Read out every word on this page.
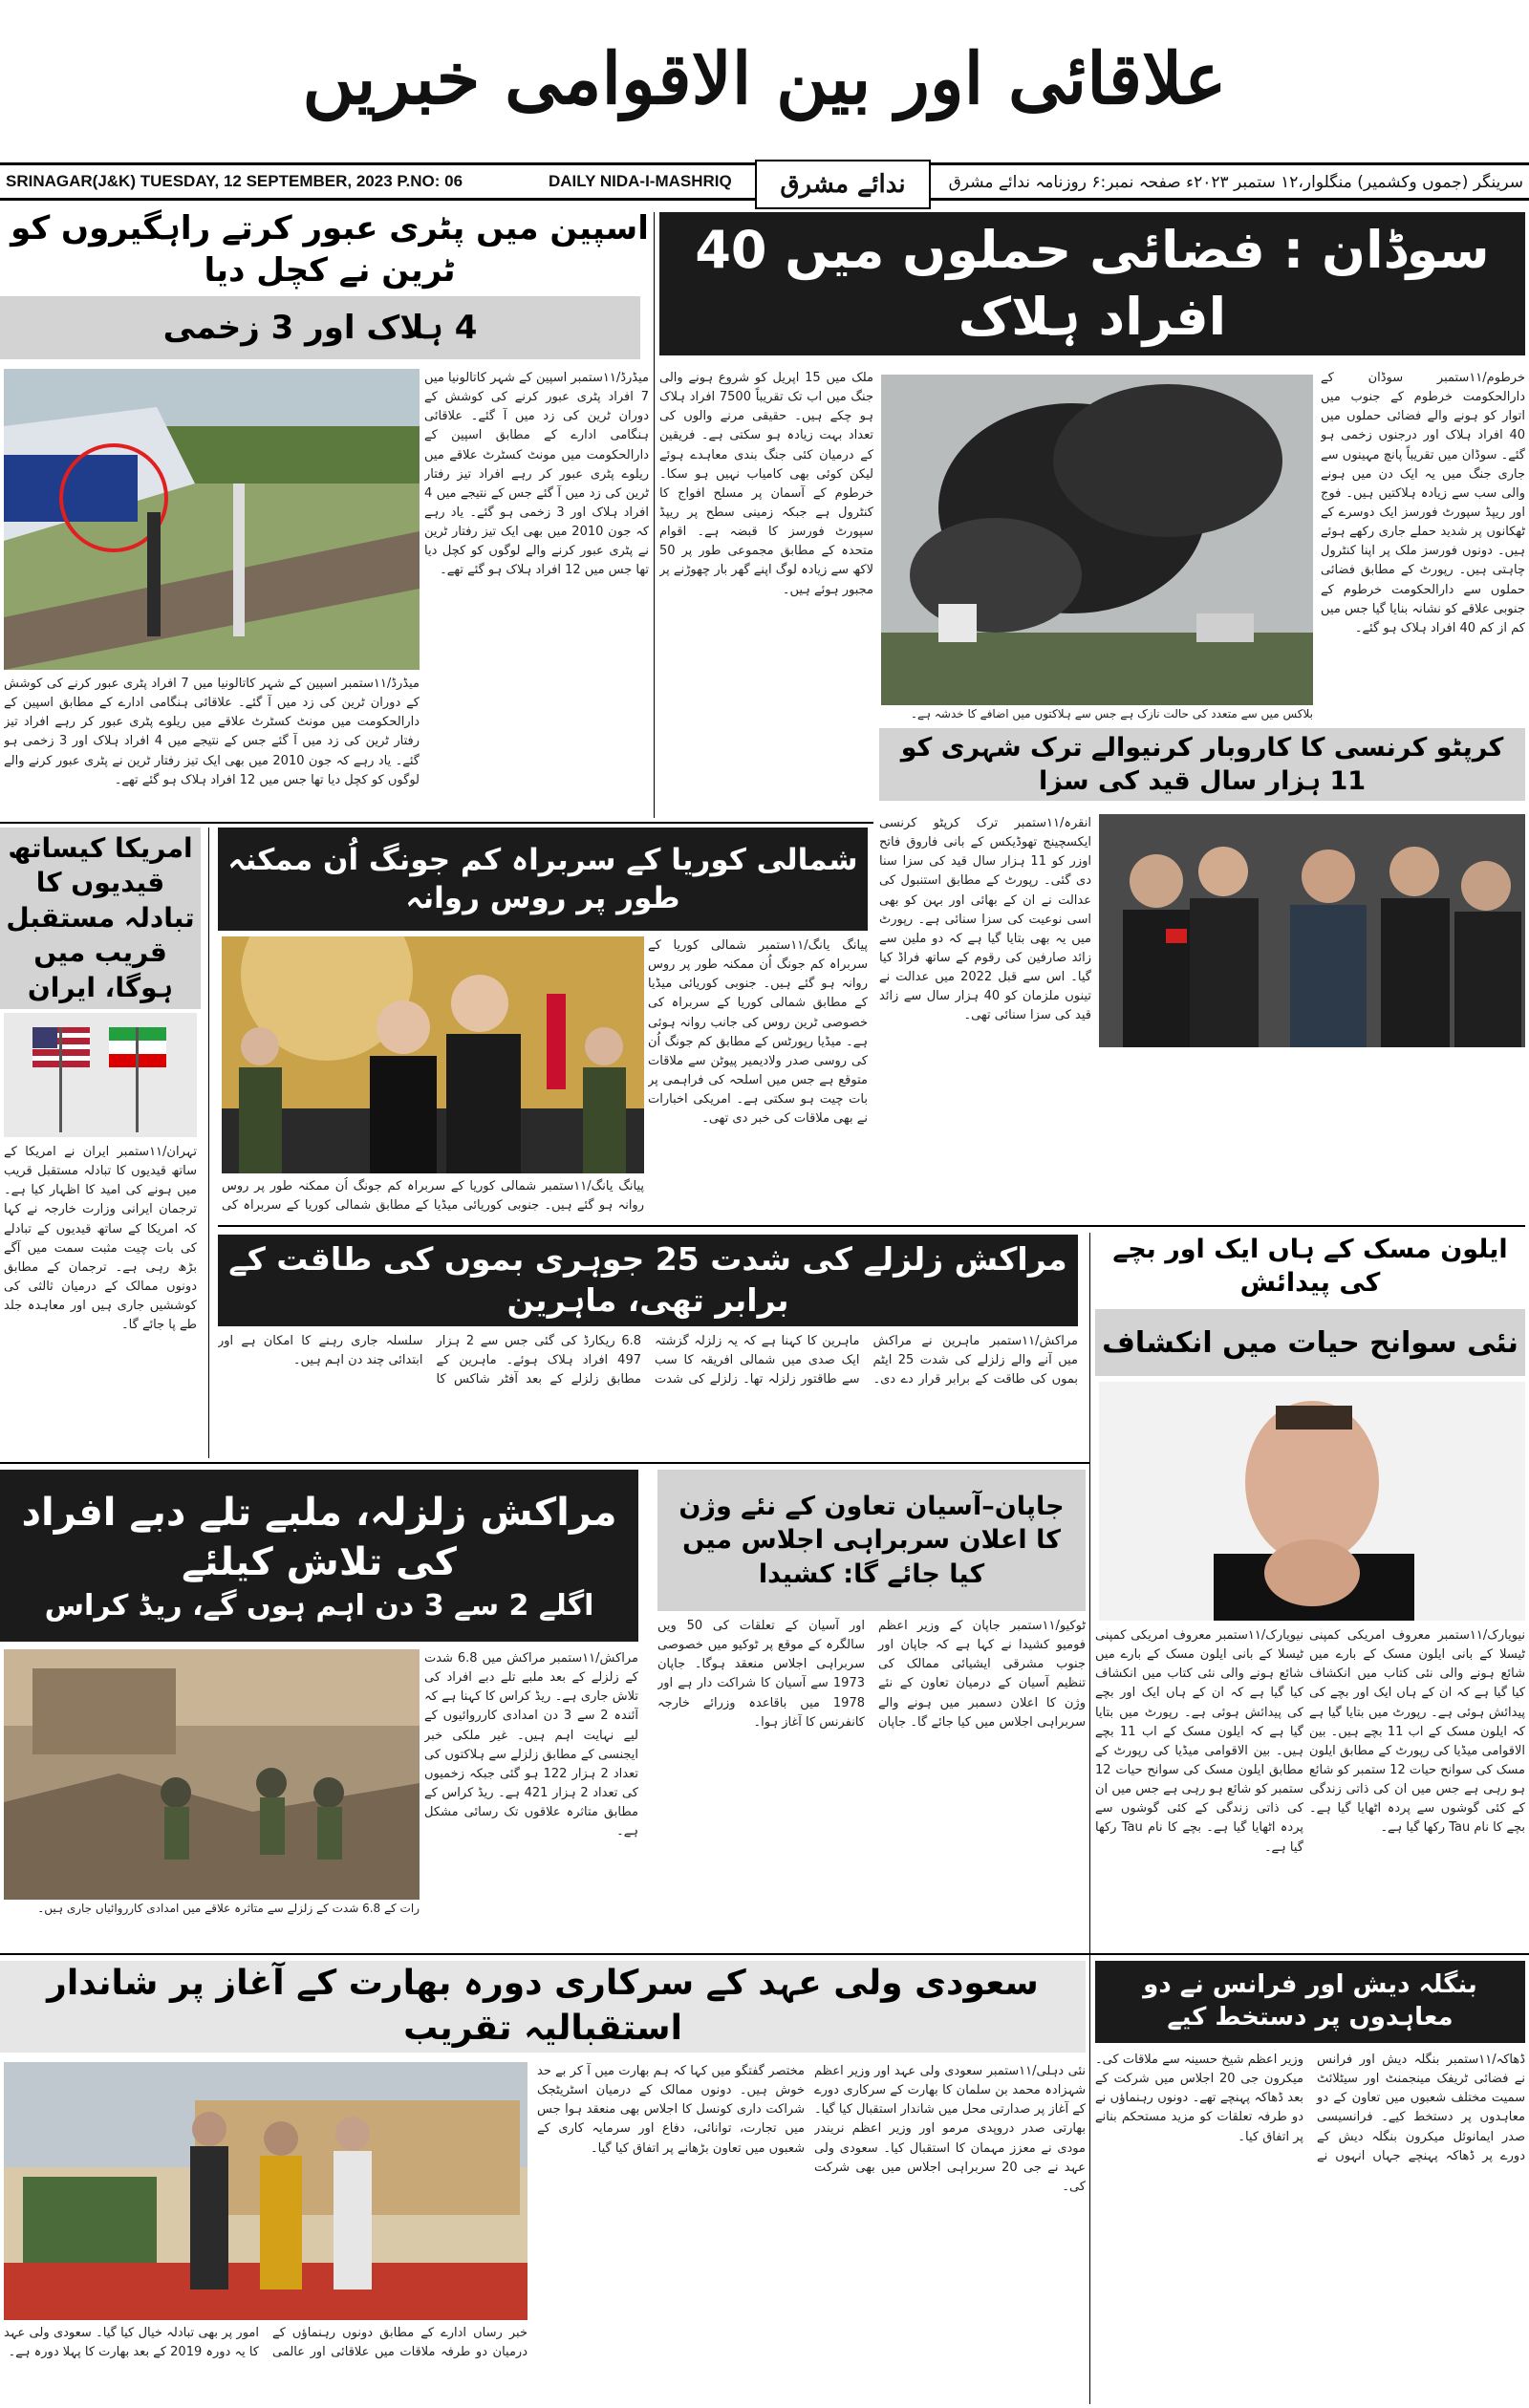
علاقائی اور بین الاقوامی خبریں
SRINAGAR(J&K) TUESDAY, 12 SEPTEMBER, 2023 P.NO: 06	DAILY NIDA-I-MASHRIQ ندائے مشرق	سرینگر (جموں وکشمیر) منگلوار،۱۲ ستمبر ۲۰۲۳ء صفحہ نمبر:۶ روزنامہ ندائے مشرق
اسپین میں پٹری عبور کرتے راہگیروں کو ٹرین نے کچل دیا
4 ہلاک اور 3 زخمی
میڈرڈ/۱۱ستمبر اسپین کے شہر کاتالونیا میں 7 افراد پٹری عبور کرنے کی کوشش کے دوران ٹرین کی زد میں آ گئے۔ علاقائی ہنگامی ادارے کے مطابق اسپین کے دارالحکومت میں مونٹ کسٹرٹ علاقے میں ریلوے پٹری عبور کر رہے افراد تیز رفتار ٹرین کی زد میں آ گئے جس کے نتیجے میں 4 افراد ہلاک اور 3 زخمی ہو گئے۔ یاد رہے کہ جون 2010 میں بھی ایک تیز رفتار ٹرین نے پٹری عبور کرنے والے لوگوں کو کچل دیا تھا جس میں 12 افراد ہلاک ہو گئے تھے۔
میڈرڈ/۱۱ستمبر اسپین کے شہر کاتالونیا میں 7 افراد پٹری عبور کرنے کی کوشش کے دوران ٹرین کی زد میں آ گئے۔ علاقائی ہنگامی ادارے کے مطابق اسپین کے دارالحکومت میں مونٹ کسٹرٹ علاقے میں ریلوے پٹری عبور کر رہے افراد تیز رفتار ٹرین کی زد میں آ گئے جس کے نتیجے میں 4 افراد ہلاک اور 3 زخمی ہو گئے۔ یاد رہے کہ جون 2010 میں بھی ایک تیز رفتار ٹرین نے پٹری عبور کرنے والے لوگوں کو کچل دیا تھا جس میں 12 افراد ہلاک ہو گئے تھے۔
سوڈان : فضائی حملوں میں 40 افراد ہلاک
خرطوم/۱۱ستمبر سوڈان کے دارالحکومت خرطوم کے جنوب میں اتوار کو ہونے والے فضائی حملوں میں 40 افراد ہلاک اور درجنوں زخمی ہو گئے۔ سوڈان میں تقریباً پانچ مہینوں سے جاری جنگ میں یہ ایک دن میں ہونے والی سب سے زیادہ ہلاکتیں ہیں۔ فوج اور ریپڈ سپورٹ فورسز ایک دوسرے کے ٹھکانوں پر شدید حملے جاری رکھے ہوئے ہیں۔ دونوں فورسز ملک پر اپنا کنٹرول چاہتی ہیں۔ رپورٹ کے مطابق فضائی حملوں سے دارالحکومت خرطوم کے جنوبی علاقے کو نشانہ بنایا گیا جس میں کم از کم 40 افراد ہلاک ہو گئے۔
بلاکس میں سے متعدد کی حالت نازک ہے جس سے ہلاکتوں میں اضافے کا خدشہ ہے۔
ملک میں 15 اپریل کو شروع ہونے والی جنگ میں اب تک تقریباً 7500 افراد ہلاک ہو چکے ہیں۔ حقیقی مرنے والوں کی تعداد بہت زیادہ ہو سکتی ہے۔ فریقین کے درمیان کئی جنگ بندی معاہدے ہوئے لیکن کوئی بھی کامیاب نہیں ہو سکا۔ خرطوم کے آسمان پر مسلح افواج کا کنٹرول ہے جبکہ زمینی سطح پر ریپڈ سپورٹ فورسز کا قبضہ ہے۔ اقوام متحدہ کے مطابق مجموعی طور پر 50 لاکھ سے زیادہ لوگ اپنے گھر بار چھوڑنے پر مجبور ہوئے ہیں۔
کرپٹو کرنسی کا کاروبار کرنیوالے ترک شہری کو 11 ہزار سال قید کی سزا
انقرہ/۱۱ستمبر ترک کرپٹو کرنسی ایکسچینج تھوڈیکس کے بانی فاروق فاتح اوزر کو 11 ہزار سال قید کی سزا سنا دی گئی۔ رپورٹ کے مطابق استنبول کی عدالت نے ان کے بھائی اور بہن کو بھی اسی نوعیت کی سزا سنائی ہے۔ رپورٹ میں یہ بھی بتایا گیا ہے کہ دو ملین سے زائد صارفین کی رقوم کے ساتھ فراڈ کیا گیا۔ اس سے قبل 2022 میں عدالت نے تینوں ملزمان کو 40 ہزار سال سے زائد قید کی سزا سنائی تھی۔
امریکا کیساتھ قیدیوں کا تبادلہ مستقبل قریب میں ہوگا، ایران
تہران/۱۱ستمبر ایران نے امریکا کے ساتھ قیدیوں کا تبادلہ مستقبل قریب میں ہونے کی امید کا اظہار کیا ہے۔ ترجمان ایرانی وزارت خارجہ نے کہا کہ امریکا کے ساتھ قیدیوں کے تبادلے کی بات چیت مثبت سمت میں آگے بڑھ رہی ہے۔ ترجمان کے مطابق دونوں ممالک کے درمیان ثالثی کی کوششیں جاری ہیں اور معاہدہ جلد طے پا جائے گا۔
شمالی کوریا کے سربراہ کم جونگ اُن ممکنہ طور پر روس روانہ
پیانگ یانگ/۱۱ستمبر شمالی کوریا کے سربراہ کم جونگ اُن ممکنہ طور پر روس روانہ ہو گئے ہیں۔ جنوبی کوریائی میڈیا کے مطابق شمالی کوریا کے سربراہ کی خصوصی ٹرین روس کی جانب روانہ ہوئی ہے۔ میڈیا رپورٹس کے مطابق کم جونگ اُن کی روسی صدر ولادیمیر پیوٹن سے ملاقات متوقع ہے جس میں اسلحہ کی فراہمی پر بات چیت ہو سکتی ہے۔ امریکی اخبارات نے بھی ملاقات کی خبر دی تھی۔
پیانگ یانگ/۱۱ستمبر شمالی کوریا کے سربراہ کم جونگ اُن ممکنہ طور پر روس روانہ ہو گئے ہیں۔ جنوبی کوریائی میڈیا کے مطابق شمالی کوریا کے سربراہ کی
ایلون مسک کے ہاں ایک اور بچے کی پیدائش
نئی سوانح حیات میں انکشاف
نیویارک/۱۱ستمبر معروف امریکی کمپنی ٹیسلا کے بانی ایلون مسک کے بارے میں شائع ہونے والی نئی کتاب میں انکشاف کیا گیا ہے کہ ان کے ہاں ایک اور بچے کی پیدائش ہوئی ہے۔ رپورٹ میں بتایا گیا ہے کہ ایلون مسک کے اب 11 بچے ہیں۔ بین الاقوامی میڈیا کی رپورٹ کے مطابق ایلون مسک کی سوانح حیات 12 ستمبر کو شائع ہو رہی ہے جس میں ان کی ذاتی زندگی کے کئی گوشوں سے پردہ اٹھایا گیا ہے۔ بچے کا نام Tau رکھا گیا ہے۔
نیویارک/۱۱ستمبر معروف امریکی کمپنی ٹیسلا کے بانی ایلون مسک کے بارے میں شائع ہونے والی نئی کتاب میں انکشاف کیا گیا ہے کہ ان کے ہاں ایک اور بچے کی پیدائش ہوئی ہے۔ رپورٹ میں بتایا گیا ہے کہ ایلون مسک کے اب 11 بچے ہیں۔ بین الاقوامی میڈیا کی رپورٹ کے مطابق ایلون مسک کی سوانح حیات 12 ستمبر کو شائع ہو رہی ہے جس میں ان کی ذاتی زندگی کے کئی گوشوں سے پردہ اٹھایا گیا ہے۔ بچے کا نام Tau رکھا گیا ہے۔
مراکش زلزلے کی شدت 25 جوہری بموں کی طاقت کے برابر تھی، ماہرین
مراکش/۱۱ستمبر ماہرین نے مراکش میں آنے والے زلزلے کی شدت 25 ایٹم بموں کی طاقت کے برابر قرار دے دی۔ ماہرین کا کہنا ہے کہ یہ زلزلہ گزشتہ ایک صدی میں شمالی افریقہ کا سب سے طاقتور زلزلہ تھا۔ زلزلے کی شدت 6.8 ریکارڈ کی گئی جس سے 2 ہزار 497 افراد ہلاک ہوئے۔ ماہرین کے مطابق زلزلے کے بعد آفٹر شاکس کا سلسلہ جاری رہنے کا امکان ہے اور ابتدائی چند دن اہم ہیں۔
مراکش زلزلہ، ملبے تلے دبے افراد کی تلاش کیلئے
اگلے 2 سے 3 دن اہم ہوں گے، ریڈ کراس
رات کے 6.8 شدت کے زلزلے سے متاثرہ علاقے میں امدادی کارروائیاں جاری ہیں۔
مراکش/۱۱ستمبر مراکش میں 6.8 شدت کے زلزلے کے بعد ملبے تلے دبے افراد کی تلاش جاری ہے۔ ریڈ کراس کا کہنا ہے کہ آئندہ 2 سے 3 دن امدادی کارروائیوں کے لیے نہایت اہم ہیں۔ غیر ملکی خبر ایجنسی کے مطابق زلزلے سے ہلاکتوں کی تعداد 2 ہزار 122 ہو گئی جبکہ زخمیوں کی تعداد 2 ہزار 421 ہے۔ ریڈ کراس کے مطابق متاثرہ علاقوں تک رسائی مشکل ہے۔
جاپان–آسیان تعاون کے نئے وژن کا اعلان سربراہی اجلاس میں کیا جائے گا: کشیدا
ٹوکیو/۱۱ستمبر جاپان کے وزیر اعظم فومیو کشیدا نے کہا ہے کہ جاپان اور جنوب مشرقی ایشیائی ممالک کی تنظیم آسیان کے درمیان تعاون کے نئے وژن کا اعلان دسمبر میں ہونے والے سربراہی اجلاس میں کیا جائے گا۔ جاپان اور آسیان کے تعلقات کی 50 ویں سالگرہ کے موقع پر ٹوکیو میں خصوصی سربراہی اجلاس منعقد ہوگا۔ جاپان 1973 سے آسیان کا شراکت دار ہے اور 1978 میں باقاعدہ وزرائے خارجہ کانفرنس کا آغاز ہوا۔
سعودی ولی عہد کے سرکاری دورہ بھارت کے آغاز پر شاندار استقبالیہ تقریب
خبر رساں ادارے کے مطابق دونوں رہنماؤں کے درمیان دو طرفہ ملاقات میں علاقائی اور عالمی امور پر بھی تبادلہ خیال کیا گیا۔ سعودی ولی عہد کا یہ دورہ 2019 کے بعد بھارت کا پہلا دورہ ہے۔
مختصر گفتگو میں کہا کہ ہم بھارت میں آ کر بے حد خوش ہیں۔ دونوں ممالک کے درمیان اسٹریٹجک شراکت داری کونسل کا اجلاس بھی منعقد ہوا جس میں تجارت، توانائی، دفاع اور سرمایہ کاری کے شعبوں میں تعاون بڑھانے پر اتفاق کیا گیا۔
نئی دہلی/۱۱ستمبر سعودی ولی عہد اور وزیر اعظم شہزادہ محمد بن سلمان کا بھارت کے سرکاری دورے کے آغاز پر صدارتی محل میں شاندار استقبال کیا گیا۔ بھارتی صدر دروپدی مرمو اور وزیر اعظم نریندر مودی نے معزز مہمان کا استقبال کیا۔ سعودی ولی عہد نے جی 20 سربراہی اجلاس میں بھی شرکت کی۔
بنگلہ دیش اور فرانس نے دو معاہدوں پر دستخط کیے
ڈھاکہ/۱۱ستمبر بنگلہ دیش اور فرانس نے فضائی ٹریفک مینجمنٹ اور سیٹلائٹ سمیت مختلف شعبوں میں تعاون کے دو معاہدوں پر دستخط کیے۔ فرانسیسی صدر ایمانوئل میکرون بنگلہ دیش کے دورے پر ڈھاکہ پہنچے جہاں انہوں نے وزیر اعظم شیخ حسینہ سے ملاقات کی۔ میکرون جی 20 اجلاس میں شرکت کے بعد ڈھاکہ پہنچے تھے۔ دونوں رہنماؤں نے دو طرفہ تعلقات کو مزید مستحکم بنانے پر اتفاق کیا۔
